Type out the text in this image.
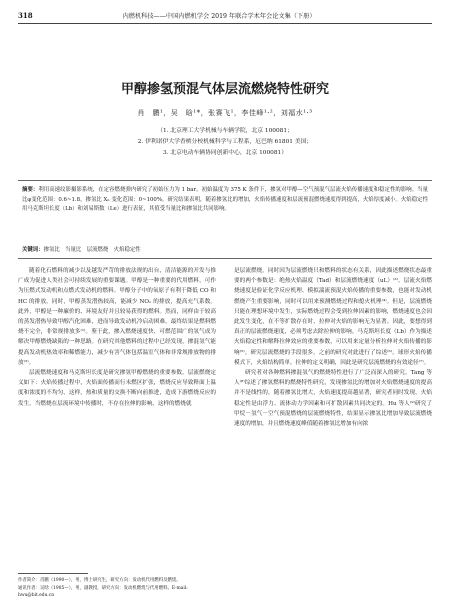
318	内燃机科技——中国内燃机学会 2019 年联合学术年会论文集（下册）
甲醇掺氢预混气体层流燃烧特性研究
肖　鹏¹，吴　晗¹*，张赛飞¹，李佳峰¹·²，刘福水¹·³
（1. 北京理工大学机械与车辆学院，北京 100081；
2. 伊利诺伊大学香槟分校机械科学与工程系，厄巴纳 61801 美国；
3. 北京电动车辆协同创新中心，北京 100081）
摘要：利用高速纹影摄影系统，在定容燃烧弹内研究了初始压力为 1 bar，初始温度为 375 K 条件下，掺氢对甲醇—空气预混气层流火焰传播速度和稳定性的影响。当量比φ变化范围：0.6~1.8，掺氢比 Xₕ 变化范围：0~100%。研究结果表明，随着掺氢比的增加，火焰传播速度和层流预混燃烧速度得到提高，火焰厚度减小。火焰稳定性用马克斯坦长度（Lb）和刘易斯数（Le）进行表征，其值受当量比和掺氢比共同影响。
关键词：掺氢比　当量比　层流燃烧　火焰稳定性

随着化石燃料的减少以及越发严苛的排放法规的出台，清洁能源的开发与推广成为促进人类社会可持续发展的重要课题。甲醇是一种重要的代用燃料，可作为压燃式发动机和点燃式发动机的燃料。甲醇分子中的氧原子有利于降低 CO 和 HC 的排放。同时，甲醇蒸发潜热较高，能减少 NOₓ 的排放，提高充气系数。此外，甲醇是一种廉价的、环境友好并且较易获得的燃料。然而，同样由于较高的蒸发潜热导致甲醇汽化困难，进而导致发动机冷启动困难，最终结果是燃料燃烧不完全，非常规排放多⁽¹⁾。鉴于此，掺入燃烧速度快、可燃范围广的氢气成为解决甲醇燃烧缺陷的一种思路。在研究其他燃料的过程中已经发现，掺混氢气能提高发动机热效率和稀燃能力，减少有害气体包括温室气体和非常规排放物的排放⁽²⁾。

层流燃烧速度和马克斯坦长度是研究掺氢甲醇燃烧的重要参数。层流燃烧定义如下：火焰传播过程中，火焰面传播而行未燃区扩张，燃烧反应导致释面上温度和浓度的不均匀，这样，热和质量的交换不断向前推进，造成下游燃烧反应的发生。当燃烧在层流环境中传播时，不存在拉伸的影响，这样的燃烧就

是层流燃烧。同时因为层流燃烧只和燃料的状态有关系，因此描述燃烧状态最重要的两个参数是：绝热火焰温度（Tad）和层流燃烧速度（uL）⁽³⁾。层流火焰燃烧速度是验证化学反应机理、模拟湍流预混火焰传播的重要参数，也能对发动机燃烧产生重要影响，同时可以用来预测燃烧过程和熄火机理⁽⁴⁾。但是，层流燃烧只能在理想环境中发生，实际燃烧过程会受到拉伸因素的影响，燃烧速度也会因此发生变化，在不等扩散存在时，拉伸对火焰的影响无为显著。因此，要想得到真正的层流燃烧速度，必须考虑去除拉伸的影响。马克斯坦长度（Lb）作为描述火焰稳定性和解释拉伸效应的重要参数，可以用来定量分析拉伸对火焰传播的影响⁽⁵⁾。研究层流燃烧的手段很多，之前的研究对此进行了综述⁽⁶⁾。球形火焰传播模式下，火焰结构简单，拉伸的定义明确，因此是研究层流燃烧的有效途径⁽⁷⁾。

研究者对各种燃料掺混氢气的燃烧特性进行了广泛而深入的研究。Tang 等人⁽⁸⁾综述了掺氢燃料的燃烧特性研究，发现掺氢比的增加对火焰燃烧速度的提高并不是线性的，随着掺氢比增大，火焰速度提高越显著，研究者同时发现，火焰稳定性是由浮力、流体动力学因素和可扩散因素共同决定的。Hu 等人⁽⁹⁾研究了甲烷－氢气－空气预混燃烧的层流燃烧特性，结果显示掺氢比增加导致层流燃烧速度的增加，并且燃烧速度峰值随着掺氢比增加有向浓

作者简介：肖鹏（1990—），男，博士研究生，研究方向：发动机代用燃料及燃烧。
通讯作者：吴晗（1985—），男，副教授，研究方向：发动机燃烧与代用燃料。E-mail: hwu@bit.edu.cn
